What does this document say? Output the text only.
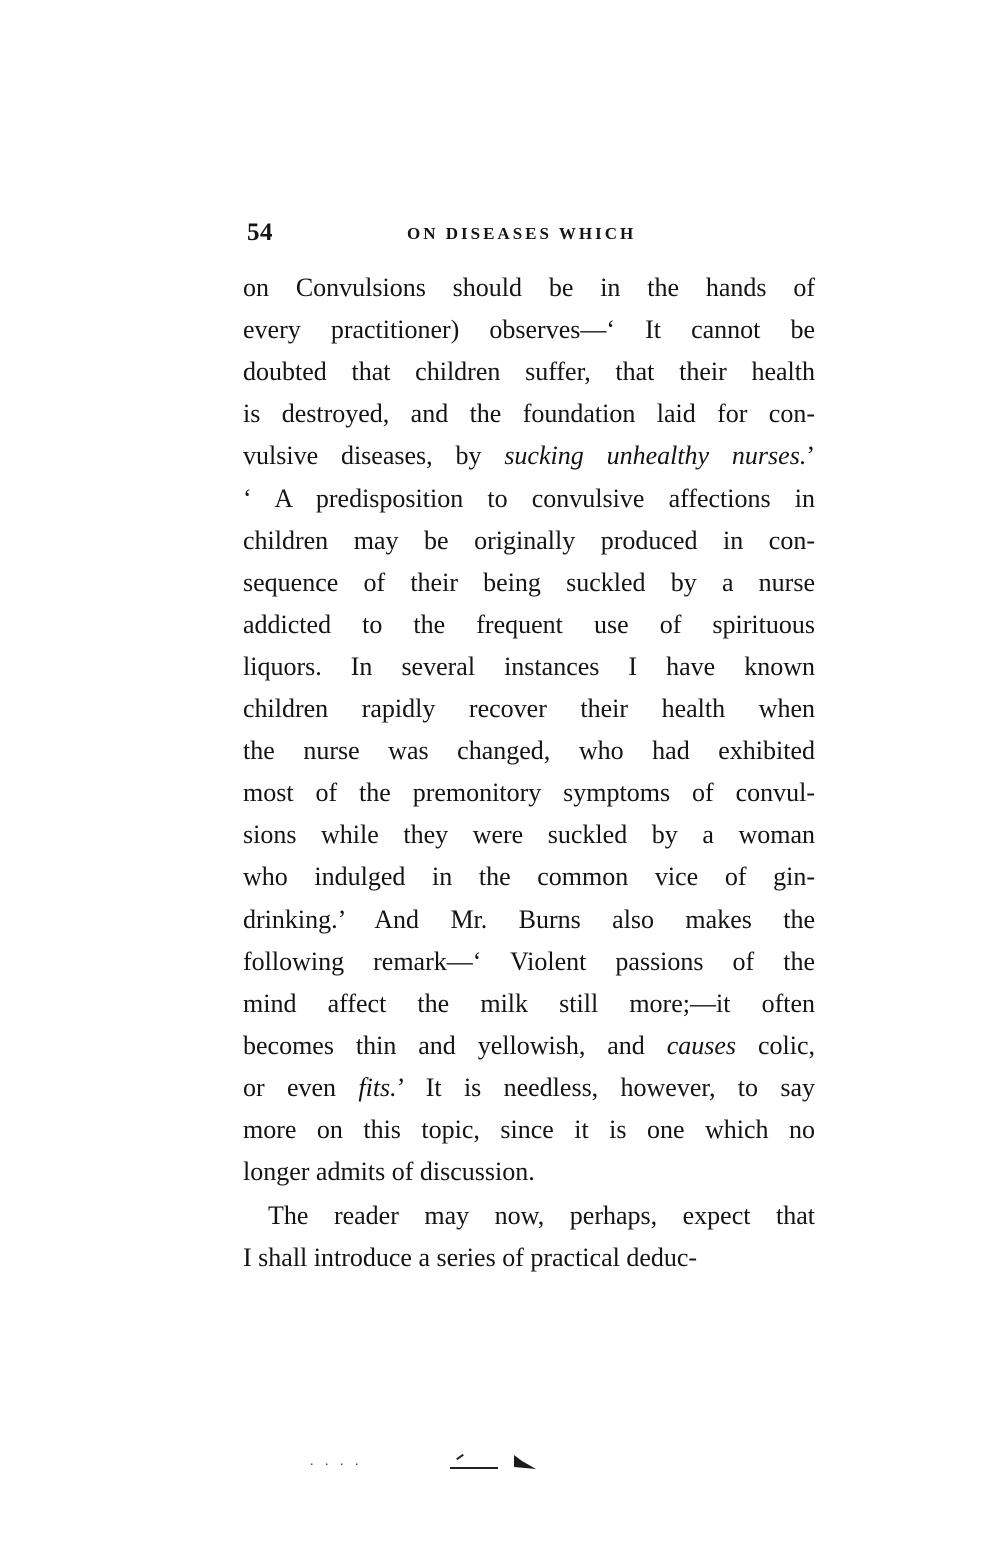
54	ON DISEASES WHICH
on Convulsions should be in the hands of
every practitioner) observes—‘ It cannot be
doubted that children suffer, that their health
is destroyed, and the foundation laid for con-
vulsive diseases, by sucking unhealthy nurses.’
‘ A predisposition to convulsive affections in
children may be originally produced in con-
sequence of their being suckled by a nurse
addicted to the frequent use of spirituous
liquors. In several instances I have known
children rapidly recover their health when
the nurse was changed, who had exhibited
most of the premonitory symptoms of convul-
sions while they were suckled by a woman
who indulged in the common vice of gin-
drinking.’ And Mr. Burns also makes the
following remark—‘ Violent passions of the
mind affect the milk still more;—it often
becomes thin and yellowish, and causes colic,
or even fits.’ It is needless, however, to say
more on this topic, since it is one which no
longer admits of discussion.
The reader may now, perhaps, expect that
I shall introduce a series of practical deduc-
. . . .
